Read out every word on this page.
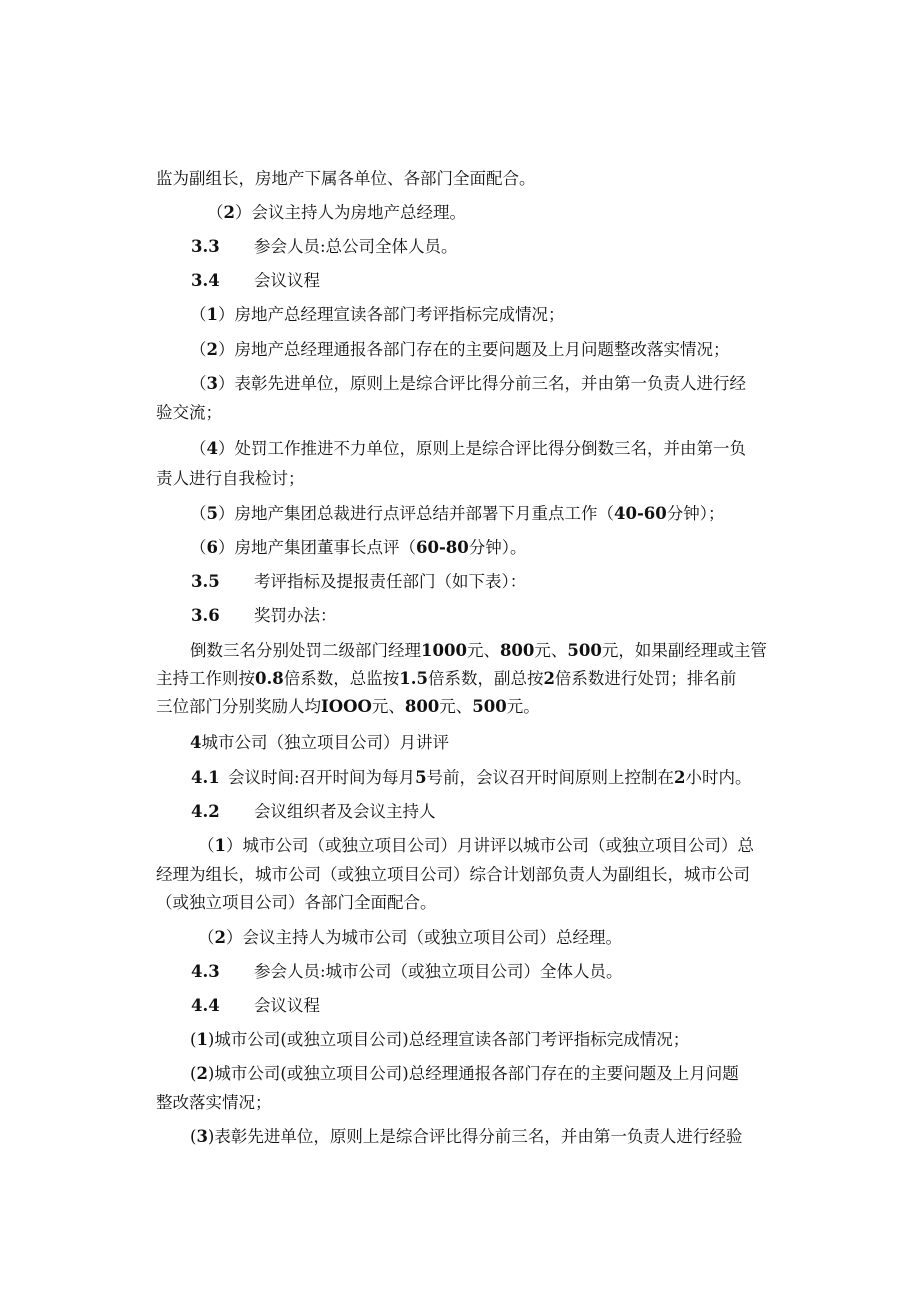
监为副组长，房地产下属各单位、各部门全面配合。
（2）会议主持人为房地产总经理。
3.3 参会人员:总公司全体人员。
3.4 会议议程
（1）房地产总经理宣读各部门考评指标完成情况；
（2）房地产总经理通报各部门存在的主要问题及上月问题整改落实情况；
（3）表彰先进单位，原则上是综合评比得分前三名，并由第一负责人进行经
验交流；
（4）处罚工作推进不力单位，原则上是综合评比得分倒数三名，并由第一负
责人进行自我检讨；
（5）房地产集团总裁进行点评总结并部署下月重点工作（40-60分钟）；
（6）房地产集团董事长点评（60-80分钟）。
3.5 考评指标及提报责任部门（如下表）：
3.6 奖罚办法：
倒数三名分别处罚二级部门经理1000元、800元、500元，如果副经理或主管
主持工作则按0.8倍系数，总监按1.5倍系数，副总按2倍系数进行处罚；排名前
三位部门分别奖励人均IOOO元、800元、500元。
4城市公司（独立项目公司）月讲评
4.1 会议时间:召开时间为每月5号前，会议召开时间原则上控制在2小时内。
4.2 会议组织者及会议主持人
（1）城市公司（或独立项目公司）月讲评以城市公司（或独立项目公司）总
经理为组长，城市公司（或独立项目公司）综合计划部负责人为副组长，城市公司
（或独立项目公司）各部门全面配合。
（2）会议主持人为城市公司（或独立项目公司）总经理。
4.3 参会人员:城市公司（或独立项目公司）全体人员。
4.4 会议议程
(1)城市公司(或独立项目公司)总经理宣读各部门考评指标完成情况；
(2)城市公司(或独立项目公司)总经理通报各部门存在的主要问题及上月问题
整改落实情况；
(3)表彰先进单位，原则上是综合评比得分前三名，并由第一负责人进行经验
